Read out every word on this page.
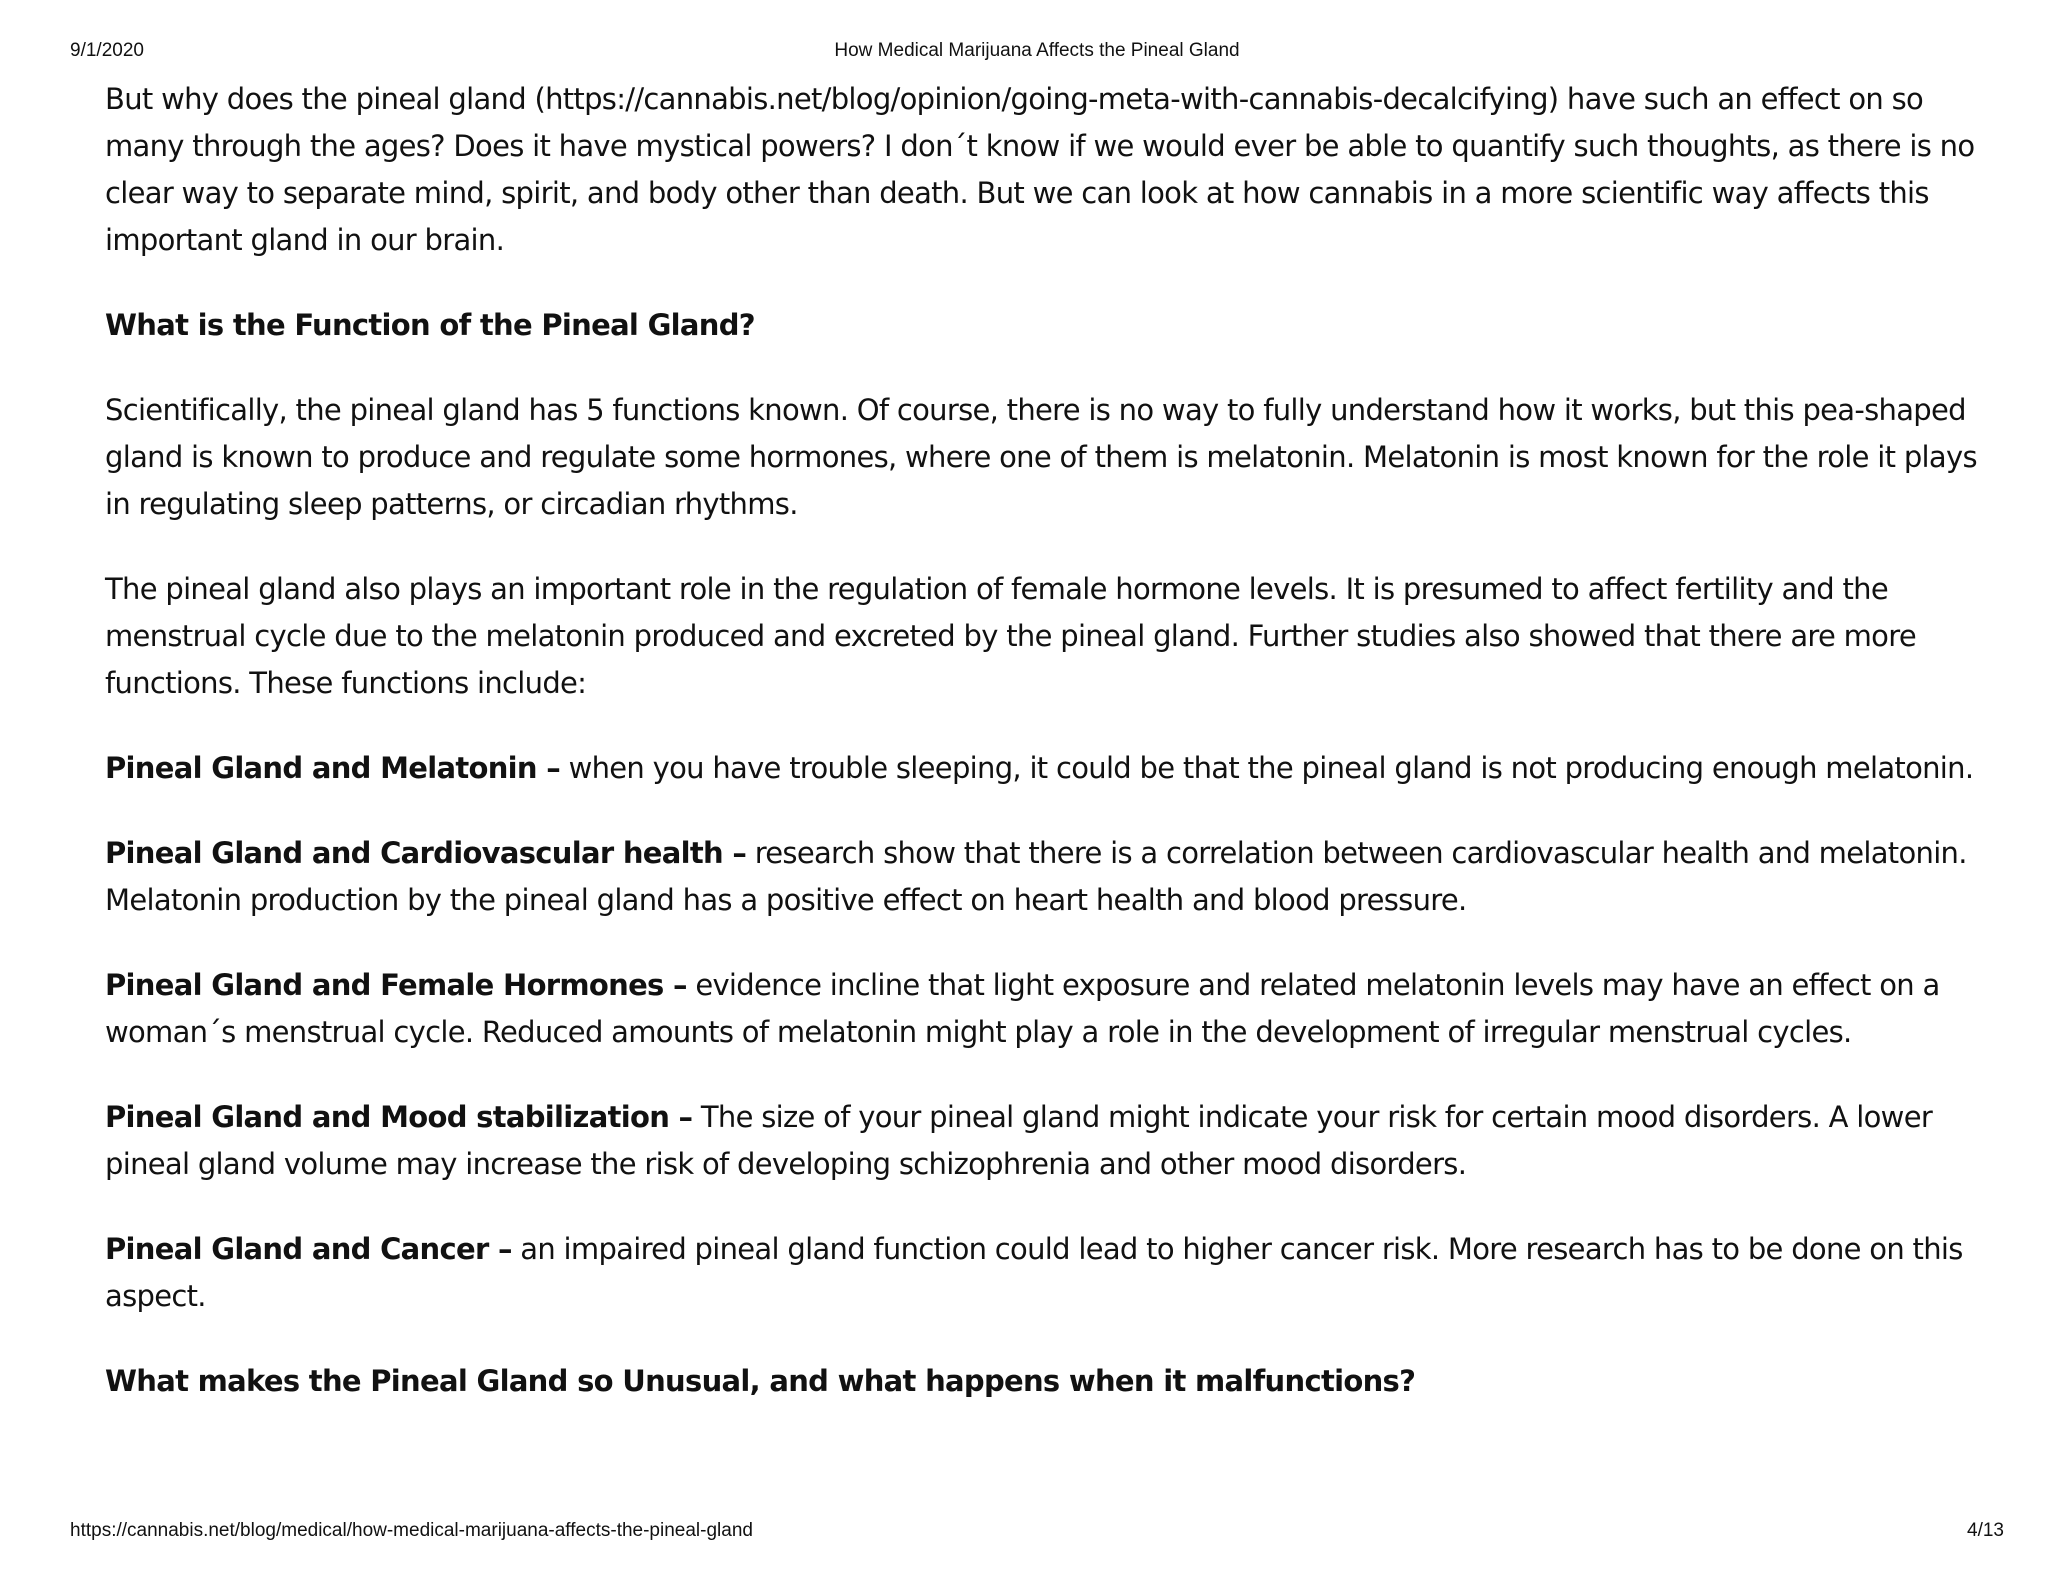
9/1/2020	How Medical Marijuana Affects the Pineal Gland

But why does the pineal gland (https://cannabis.net/blog/opinion/going-meta-with-cannabis-decalcifying) have such an effect on so many through the ages? Does it have mystical powers? I don´t know if we would ever be able to quantify such thoughts, as there is no clear way to separate mind, spirit, and body other than death. But we can look at how cannabis in a more scientific way affects this important gland in our brain.

What is the Function of the Pineal Gland?

Scientifically, the pineal gland has 5 functions known. Of course, there is no way to fully understand how it works, but this pea-shaped gland is known to produce and regulate some hormones, where one of them is melatonin. Melatonin is most known for the role it plays in regulating sleep patterns, or circadian rhythms.

The pineal gland also plays an important role in the regulation of female hormone levels. It is presumed to affect fertility and the menstrual cycle due to the melatonin produced and excreted by the pineal gland. Further studies also showed that there are more functions. These functions include:

Pineal Gland and Melatonin – when you have trouble sleeping, it could be that the pineal gland is not producing enough melatonin.

Pineal Gland and Cardiovascular health – research show that there is a correlation between cardiovascular health and melatonin. Melatonin production by the pineal gland has a positive effect on heart health and blood pressure.

Pineal Gland and Female Hormones – evidence incline that light exposure and related melatonin levels may have an effect on a woman´s menstrual cycle. Reduced amounts of melatonin might play a role in the development of irregular menstrual cycles.

Pineal Gland and Mood stabilization – The size of your pineal gland might indicate your risk for certain mood disorders. A lower pineal gland volume may increase the risk of developing schizophrenia and other mood disorders.

Pineal Gland and Cancer – an impaired pineal gland function could lead to higher cancer risk. More research has to be done on this aspect.

What makes the Pineal Gland so Unusual, and what happens when it malfunctions?
https://cannabis.net/blog/medical/how-medical-marijuana-affects-the-pineal-gland	4/13
